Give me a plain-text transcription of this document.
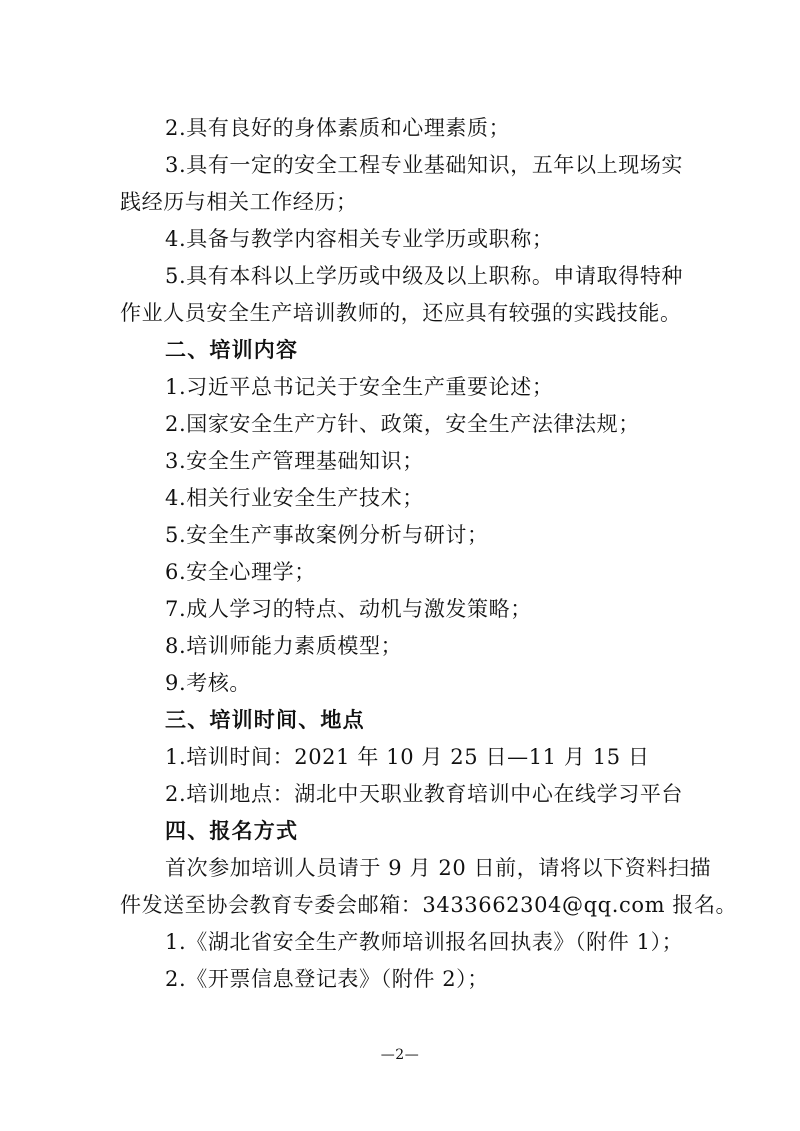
2.具有良好的身体素质和心理素质；
3.具有一定的安全工程专业基础知识，五年以上现场实
践经历与相关工作经历；
4.具备与教学内容相关专业学历或职称；
5.具有本科以上学历或中级及以上职称。申请取得特种
作业人员安全生产培训教师的，还应具有较强的实践技能。
二、培训内容
1.习近平总书记关于安全生产重要论述；
2.国家安全生产方针、政策，安全生产法律法规；
3.安全生产管理基础知识；
4.相关行业安全生产技术；
5.安全生产事故案例分析与研讨；
6.安全心理学；
7.成人学习的特点、动机与激发策略；
8.培训师能力素质模型；
9.考核。
三、培训时间、地点
1.培训时间：2021 年 10 月 25 日—11 月 15 日
2.培训地点：湖北中天职业教育培训中心在线学习平台
四、报名方式
首次参加培训人员请于 9 月 20 日前，请将以下资料扫描
件发送至协会教育专委会邮箱：3433662304@qq.com 报名。
1.《湖北省安全生产教师培训报名回执表》（附件 1）；
2.《开票信息登记表》（附件 2）；
—2—
